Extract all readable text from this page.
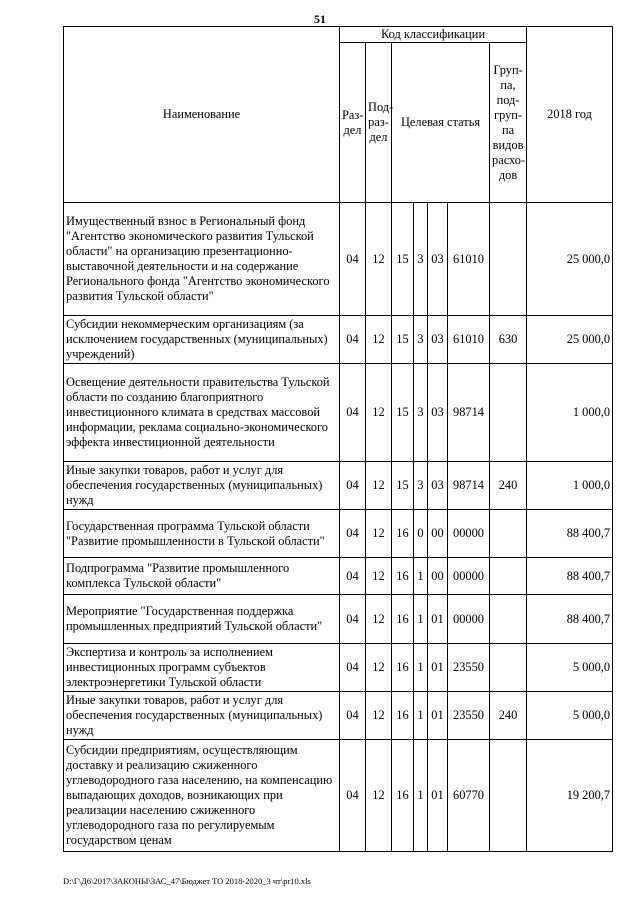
51
Наименование	Код классификации							2018 год
	Раз-дел	Под-раз-дел	Целевая статья				Груп-па, под-груп-па видов расхо-дов	
Имущественный взнос в Региональный фонд "Агентство экономического развития Тульской области" на организацию презентационно-выставочной деятельности и на содержание Регионального фонда "Агентство экономического развития Тульской области"	04	12	15	3	03	61010		25 000,0
Субсидии некоммерческим организациям (за исключением государственных (муниципальных) учреждений)	04	12	15	3	03	61010	630	25 000,0
Освещение деятельности правительства Тульской области по созданию благоприятного инвестиционного климата в средствах массовой информации, реклама социально-экономического эффекта инвестиционной деятельности	04	12	15	3	03	98714		1 000,0
Иные закупки товаров, работ и услуг для обеспечения государственных (муниципальных) нужд	04	12	15	3	03	98714	240	1 000,0
Государственная программа Тульской области "Развитие промышленности в Тульской области"	04	12	16	0	00	00000		88 400,7
Подпрограмма "Развитие промышленного комплекса Тульской области"	04	12	16	1	00	00000		88 400,7
Мероприятие "Государственная поддержка промышленных предприятий Тульской области"	04	12	16	1	01	00000		88 400,7
Экспертиза и контроль за исполнением инвестиционных программ субъектов электроэнергетики Тульской области	04	12	16	1	01	23550		5 000,0
Иные закупки товаров, работ и услуг для обеспечения государственных (муниципальных) нужд	04	12	16	1	01	23550	240	5 000,0
Субсидии предприятиям, осуществляющим доставку и реализацию сжиженного углеводородного газа населению, на компенсацию выпадающих доходов, возникающих при реализации населению сжиженного углеводородного газа по регулируемым государством ценам	04	12	16	1	01	60770		19 200,7
D:\Г\Д6\2017\ЗАКОНЫ\ЗАС_47\Бюджет ТО 2018-2020_3 чт\pr10.xls
